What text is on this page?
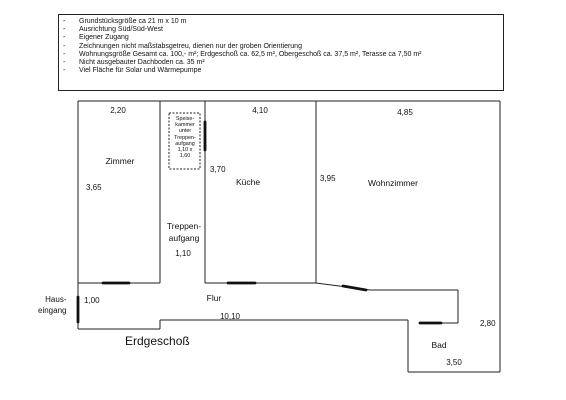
- Grundstücksgröße ca 21 m x 10 m
- Ausrichtung Süd/Süd-West
- Eigener Zugang
- Zeichnungen nicht maßstabsgetreu, dienen nur der groben Orientierung
- Wohnungsgröße Gesamt ca. 100,- m²; Erdgeschoß ca. 62,5 m², Obergeschoß ca. 37,5 m², Terasse ca 7,50 m²
- Nicht ausgebauter Dachboden ca. 35 m²
- Viel Fläche für Solar und Wärmepumpe
2,20
Zimmer
3,65
Speise-
kammer
unter
Treppen-
aufgang
1,10 x
1,60
Treppen-
aufgang
1,10
4,10
3,70
Küche
4,85
3,95	Wohnzimmer
Flur
10,10
Haus-
eingang
1,00
2,80
Bad
3,50
Erdgeschoß
